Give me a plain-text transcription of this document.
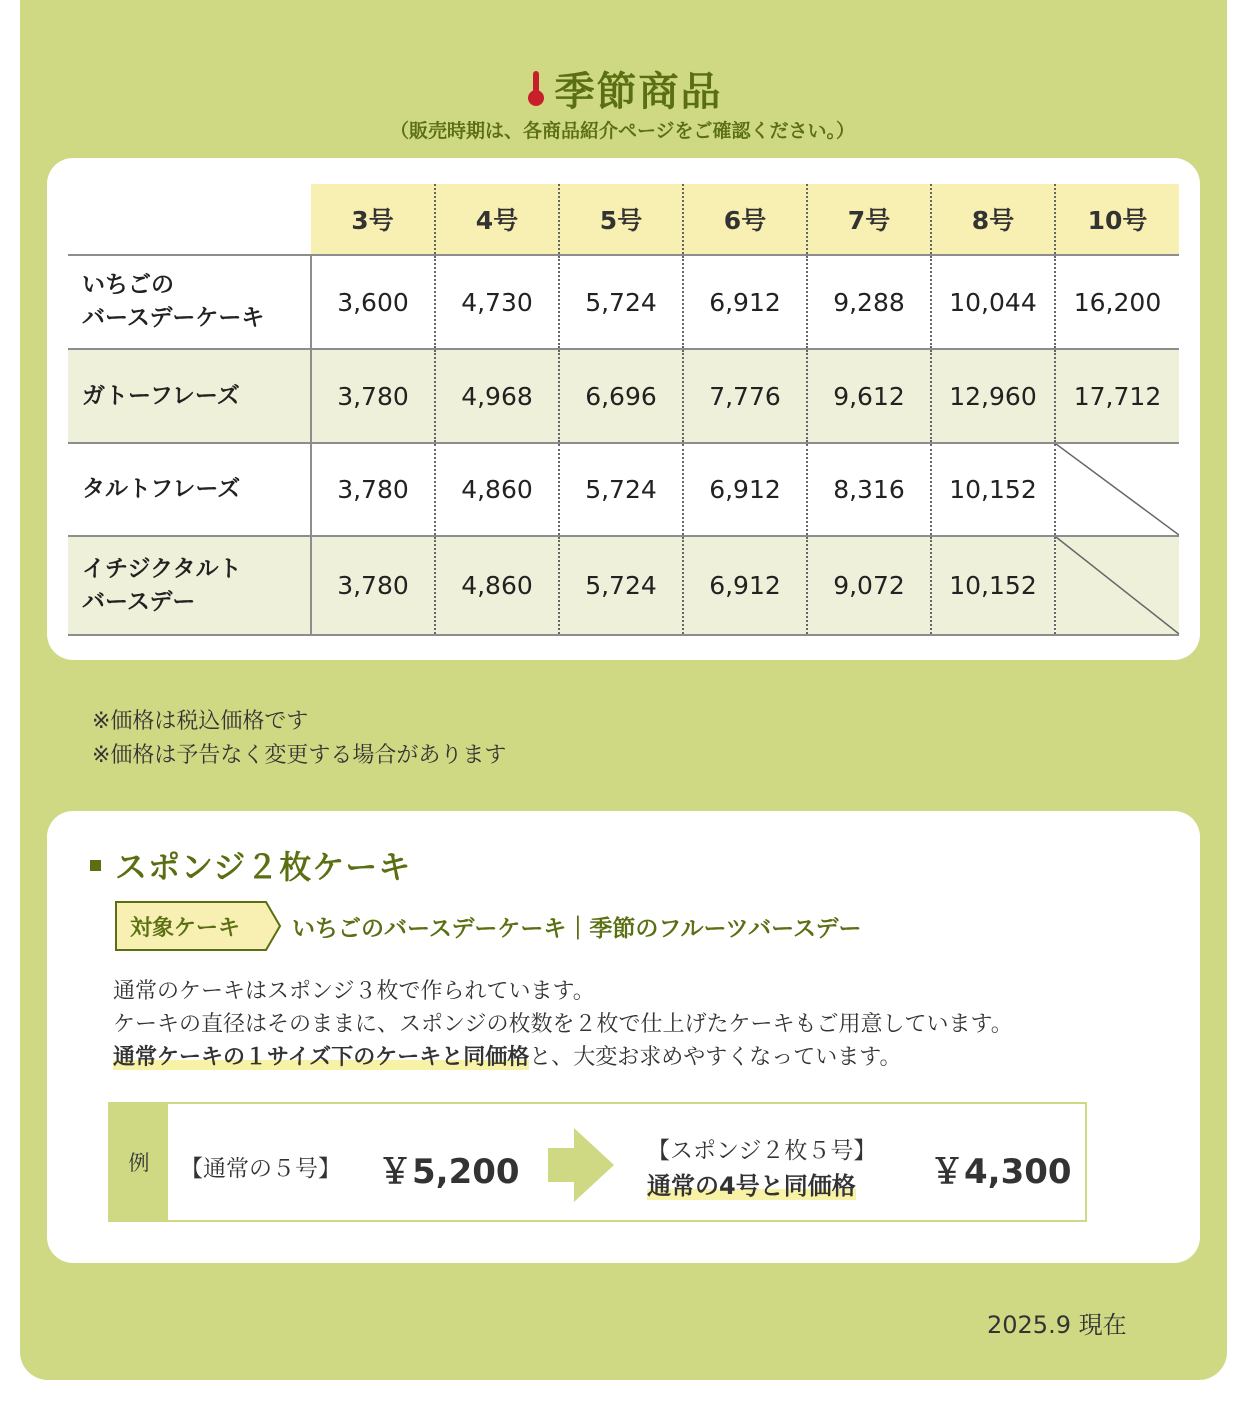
季節商品
（販売時期は、各商品紹介ページをご確認ください。）
	3号	4号	5号	6号	7号	8号	10号
いちごの
バースデーケーキ	3,600	4,730	5,724	6,912	9,288	10,044	16,200
ガトーフレーズ	3,780	4,968	6,696	7,776	9,612	12,960	17,712
タルトフレーズ	3,780	4,860	5,724	6,912	8,316	10,152	

イチジクタルト
バースデー	3,780	4,860	5,724	6,912	9,072	10,152	
※価格は税込価格です
※価格は予告なく変更する場合があります
スポンジ２枚ケーキ
対象ケーキ いちごのバースデーケーキ｜季節のフルーツバースデー
通常のケーキはスポンジ３枚で作られています。
ケーキの直径はそのままに、スポンジの枚数を２枚で仕上げたケーキもご用意しています。
通常ケーキの１サイズ下のケーキと同価格と、大変お求めやすくなっています。
例	【通常の５号】 ￥5,200
【スポンジ２枚５号】
通常の4号と同価格 ￥4,300
2025.9 現在
